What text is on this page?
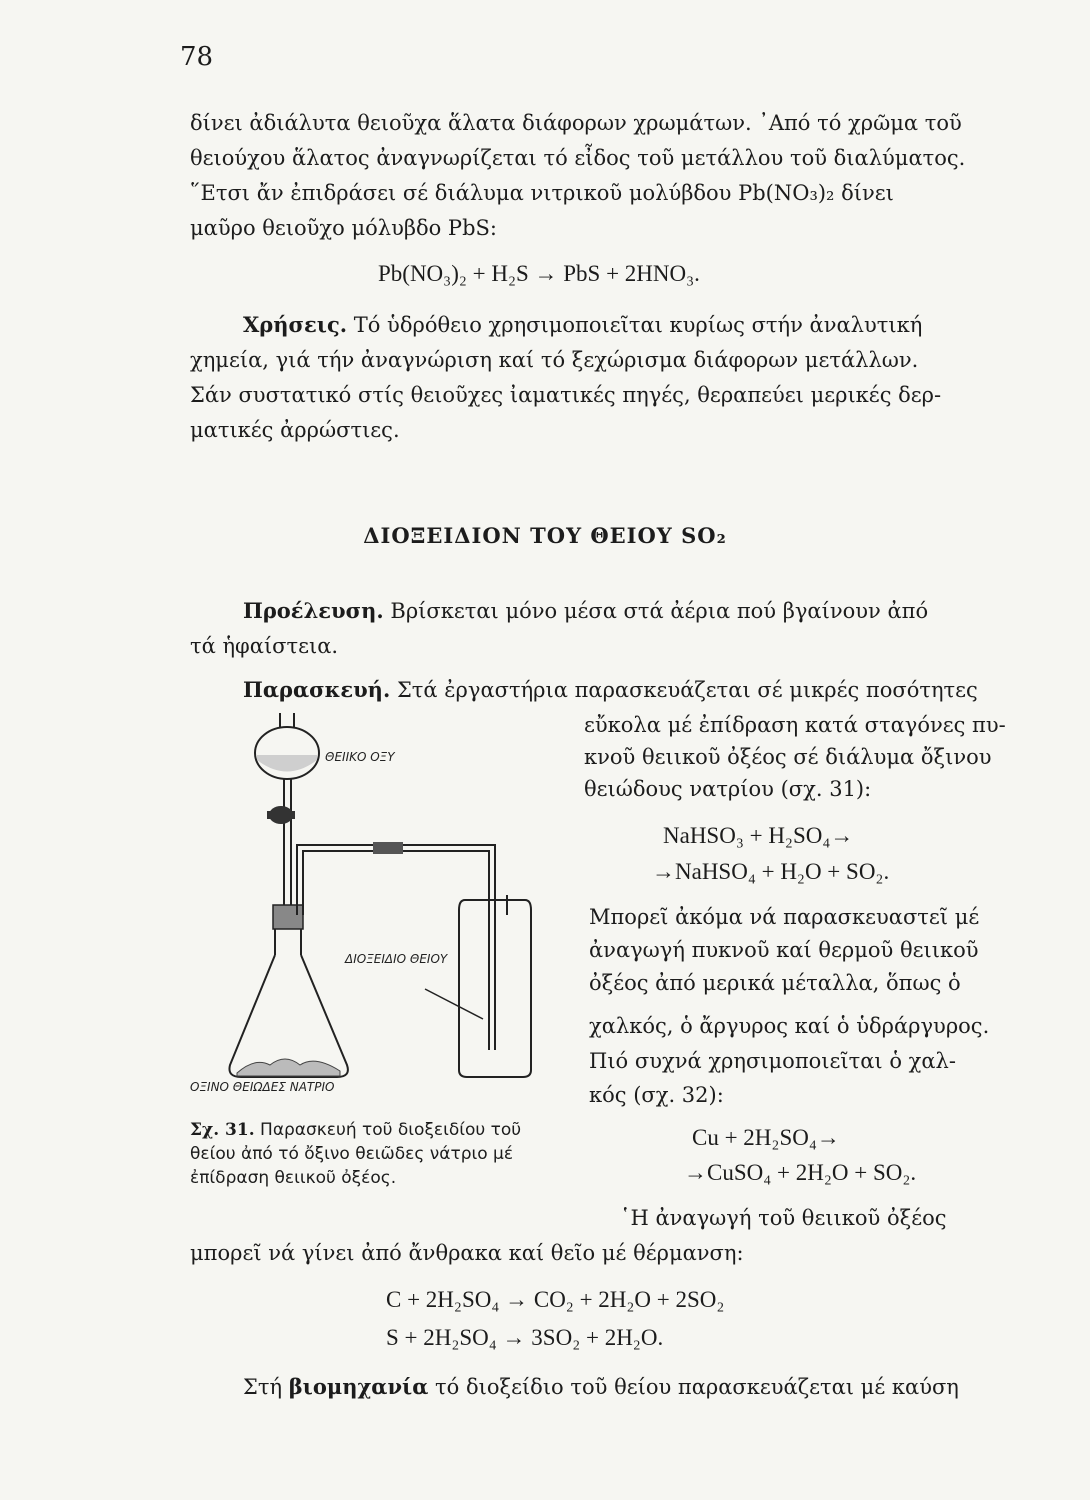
78
δίνει ἀδιάλυτα θειοῦχα ἅλατα διάφορων χρωμάτων. ᾿Από τό χρῶμα τοῦ
θειούχου ἅλατος ἀναγνωρίζεται τό εἶδος τοῦ μετάλλου τοῦ διαλύματος.
῞Ετσι ἄν ἐπιδράσει σέ διάλυμα νιτρικοῦ μολύβδου Pb(NO₃)₂ δίνει
μαῦρο θειοῦχο μόλυβδο PbS:
Pb(NO₃)₂ + H₂S → PbS + 2HNO₃.
Χρήσεις. Τό ὑδρόθειο χρησιμοποιεῖται κυρίως στήν ἀναλυτική
χημεία, γιά τήν ἀναγνώριση καί τό ξεχώρισμα διάφορων μετάλλων.
Σάν συστατικό στίς θειοῦχες ἰαματικές πηγές, θεραπεύει μερικές δερ-
ματικές ἀρρώστιες.
ΔΙΟΞΕΙΔΙΟΝ ΤΟΥ ΘΕΙΟΥ SO₂
Προέλευση. Βρίσκεται μόνο μέσα στά ἀέρια πού βγαίνουν ἀπό
τά ἡφαίστεια.
Παρασκευή. Στά ἐργαστήρια παρασκευάζεται σέ μικρές ποσότητες
εὔκολα μέ ἐπίδραση κατά σταγόνες πυ-
κνοῦ θειικοῦ ὀξέος σέ διάλυμα ὄξινου
θειώδους νατρίου (σχ. 31):
NaHSO₃ + H₂SO₄→
→NaHSO₄ + H₂O + SO₂.
Μπορεῖ ἀκόμα νά παρασκευαστεῖ μέ
ἀναγωγή πυκνοῦ καί θερμοῦ θειικοῦ
ὀξέος ἀπό μερικά μέταλλα, ὅπως ὁ
χαλκός, ὁ ἄργυρος καί ὁ ὑδράργυρος.
Πιό συχνά χρησιμοποιεῖται ὁ χαλ-
κός (σχ. 32):
Cu + 2H₂SO₄→
→CuSO₄ + 2H₂O + SO₂.
῾Η ἀναγωγή τοῦ θειικοῦ ὀξέος
μπορεῖ νά γίνει ἀπό ἄνθρακα καί θεῖο μέ θέρμανση:
C + 2H₂SO₄ → CO₂ + 2H₂O + 2SO₂
S + 2H₂SO₄ → 3SO₂ + 2H₂O.
Στή βιομηχανία τό διοξείδιο τοῦ θείου παρασκευάζεται μέ καύση
ΘΕΙΙΚΟ ΟΞΥ
ΔΙΟΞΕΙΔΙΟ ΘΕΙΟΥ
ΟΞΙΝΟ ΘΕΙΩΔΕΣ ΝΑΤΡΙΟ
Σχ. 31. Παρασκευή τοῦ διοξειδίου τοῦ θείου ἀπό τό ὄξινο θειῶδες νάτριο μέ ἐπίδραση θειικοῦ ὀξέος.
